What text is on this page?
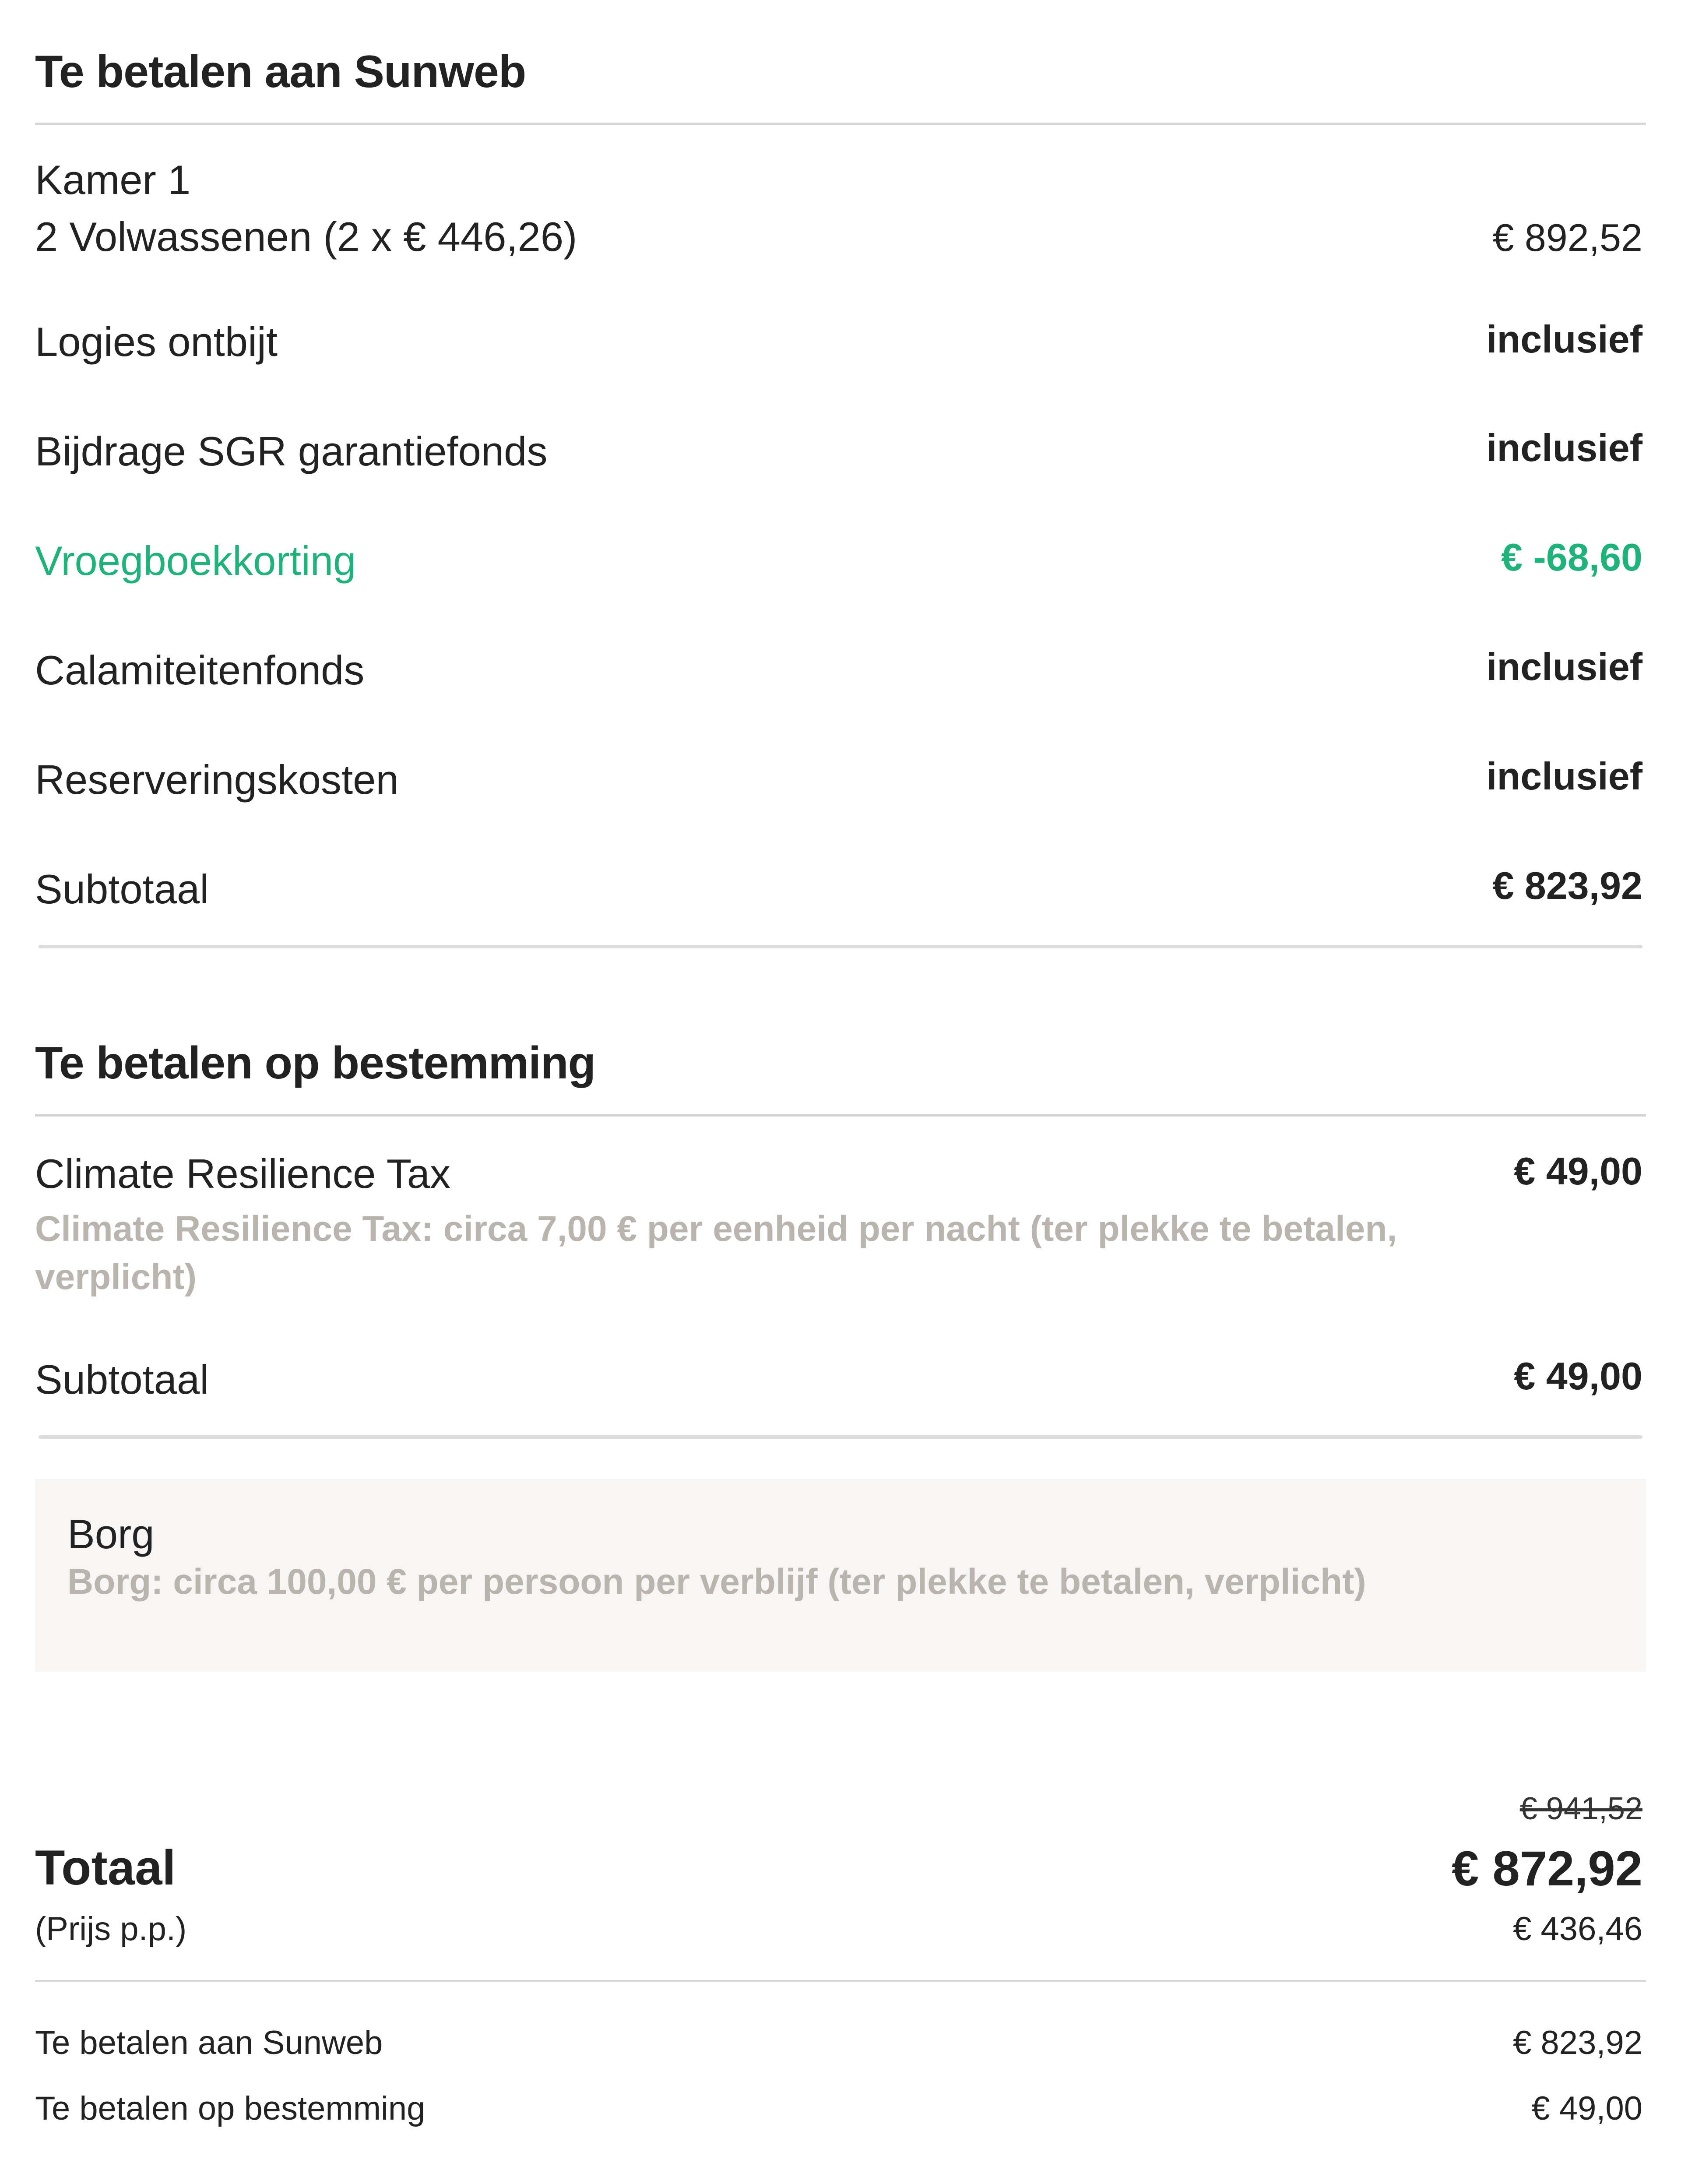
Te betalen aan Sunweb
Kamer 1
2 Volwassenen (2 x € 446,26)	€ 892,52
Logies ontbijt	inclusief
Bijdrage SGR garantiefonds	inclusief
Vroegboekkorting	€ -68,60
Calamiteitenfonds	inclusief
Reserveringskosten	inclusief
Subtotaal	€ 823,92
Te betalen op bestemming
Climate Resilience Tax	€ 49,00
Climate Resilience Tax: circa 7,00 € per eenheid per nacht (ter plekke te betalen, verplicht)
Subtotaal	€ 49,00
Borg
Borg: circa 100,00 € per persoon per verblijf (ter plekke te betalen, verplicht)
€ 941,52
Totaal	€ 872,92
(Prijs p.p.)	€ 436,46
Te betalen aan Sunweb	€ 823,92
Te betalen op bestemming	€ 49,00
